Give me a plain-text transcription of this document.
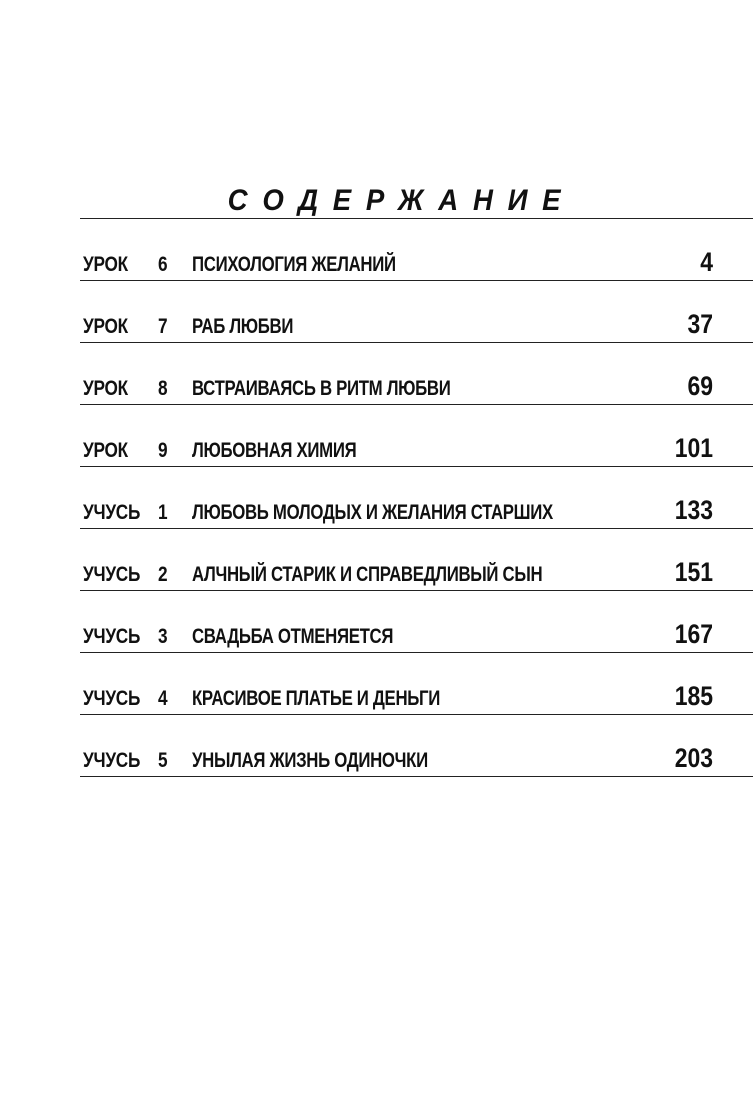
СОДЕРЖАНИЕ
УРОК 6 ПСИХОЛОГИЯ ЖЕЛАНИЙ	4
УРОК 7 РАБ ЛЮБВИ	37
УРОК 8 ВСТРАИВАЯСЬ В РИТМ ЛЮБВИ	69
УРОК 9 ЛЮБОВНАЯ ХИМИЯ	101
УЧУСЬ 1 ЛЮБОВЬ МОЛОДЫХ И ЖЕЛАНИЯ СТАРШИХ	133
УЧУСЬ 2 АЛЧНЫЙ СТАРИК И СПРАВЕДЛИВЫЙ СЫН	151
УЧУСЬ 3 СВАДЬБА ОТМЕНЯЕТСЯ	167
УЧУСЬ 4 КРАСИВОЕ ПЛАТЬЕ И ДЕНЬГИ	185
УЧУСЬ 5 УНЫЛАЯ ЖИЗНЬ ОДИНОЧКИ	203
